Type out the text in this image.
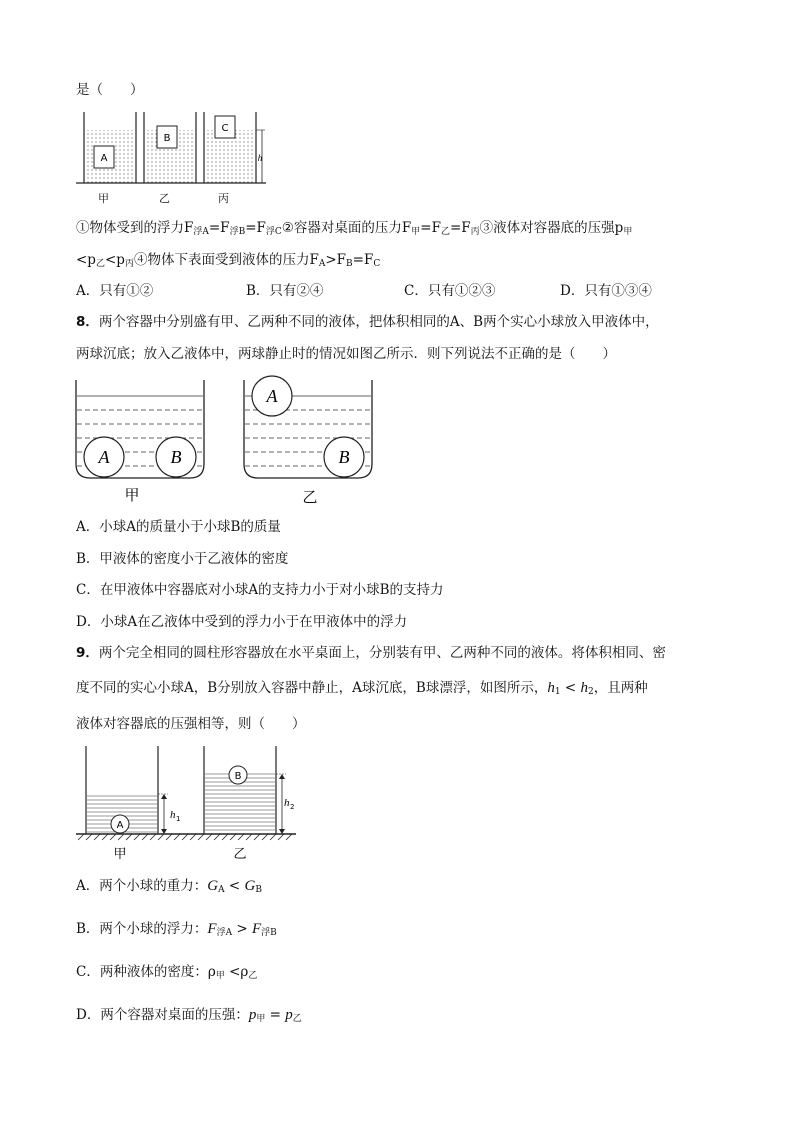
是（　　）
A
B
C
h
甲	乙	丙
①物体受到的浮力$F_{浮A}=F_{浮B}=F_{浮C}②$容器对桌面的压力$F_甲=F_乙=F_丙③$液体对容器底的压强$p_甲$
$<p_乙<p_丙④$物体下表面受到液体的压力$F_A>F_B=F_C$
A．只有①②	B．只有②④	C．只有①②③	D．只有①③④
8．两个容器中分别盛有甲、乙两种不同的液体，把体积相同的A、B两个实心小球放入甲液体中，
两球沉底；放入乙液体中，两球静止时的情况如图乙所示．则下列说法不正确的是（　　）
A	B
甲
A
B
乙
A．小球A的质量小于小球B的质量
B．甲液体的密度小于乙液体的密度
C．在甲液体中容器底对小球A的支持力小于对小球B的支持力
D．小球A在乙液体中受到的浮力小于在甲液体中的浮力
9．两个完全相同的圆柱形容器放在水平桌面上，分别装有甲、乙两种不同的液体。将体积相同、密
度不同的实心小球A，B分别放入容器中静止，A球沉底，B球漂浮，如图所示，$h_1 < h_2$，且两种
液体对容器底的压强相等，则（　　）
A
h 1
B
h 2
甲	乙
A．两个小球的重力：$G_A < G_B$
B．两个小球的浮力：$F_{浮A} > F_{浮B}$
C．两种液体的密度：$\rho_甲 <\rho_乙$
D．两个容器对桌面的压强：$p_甲 = p_乙$
